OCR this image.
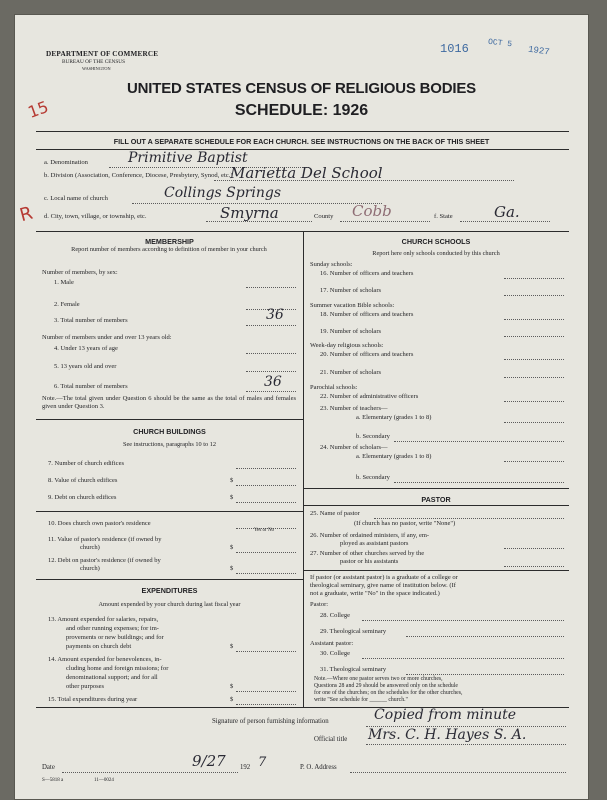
DEPARTMENT OF COMMERCE
BUREAU OF THE CENSUS
WASHINGTON
1016 OCT 5
1927
UNITED STATES CENSUS OF RELIGIOUS BODIES
SCHEDULE: 1926
15
FILL OUT A SEPARATE SCHEDULE FOR EACH CHURCH. SEE INSTRUCTIONS ON THE BACK OF THIS SHEET
R
a. Denomination	Primitive Baptist
b. Division (Association, Conference, Diocese, Presbytery, Synod, etc.)
Marietta Del School
c. Local name of church	Collings Springs
d. City, town, village, or township, etc.	Smyrna	County Cobb	f. State	Ga.
MEMBERSHIP
Report number of members according to definition of member in your church
Number of members, by sex:
1. Male
2. Female
3. Total number of members	36
Number of members under and over 13 years old:
4. Under 13 years of age
5. 13 years old and over
6. Total number of members	36
Note.—The total given under Question 6 should be the same as the total of males and females given under Question 3.
CHURCH BUILDINGS
See instructions, paragraphs 10 to 12
7. Number of church edifices
8. Value of church edifices	$
9. Debt on church edifices	$
10. Does church own pastor's residence
Yes or No
11. Value of pastor's residence (if owned by
church)	$
12. Debt on pastor's residence (if owned by
church)	$
EXPENDITURES
Amount expended by your church during last fiscal year
13. Amount expended for salaries, repairs,
and other running expenses; for im-
provements or new buildings; and for
payments on church debt	$
14. Amount expended for benevolences, in-
cluding home and foreign missions; for
denominational support; and for all
other purposes	$
15. Total expenditures during year	$
CHURCH SCHOOLS
Report here only schools conducted by this church
Sunday schools:
16. Number of officers and teachers
17. Number of scholars
Summer vacation Bible schools:
18. Number of officers and teachers
19. Number of scholars
Week-day religious schools:
20. Number of officers and teachers
21. Number of scholars
Parochial schools:
22. Number of administrative officers
23. Number of teachers—
a. Elementary (grades 1 to 8)
b. Secondary
24. Number of scholars—
a. Elementary (grades 1 to 8)
b. Secondary
PASTOR
25. Name of pastor
(If church has no pastor, write "None")
26. Number of ordained ministers, if any, em-
ployed as assistant pastors
27. Number of other churches served by the
pastor or his assistants
If pastor (or assistant pastor) is a graduate of a college or
theological seminary, give name of institution below. (If
not a graduate, write "No" in the space indicated.)
Pastor:
28. College
29. Theological seminary
Assistant pastor:
30. College
31. Theological seminary
Note.—Where one pastor serves two or more churches,
Questions 28 and 29 should be answered only on the schedule
for one of the churches; on the schedules for the other churches,
write "See schedule for ______ church."
Signature of person furnishing information	Copied from minute
Official title Mrs. C. H. Hayes S. A.
Date	9/27 192 7	P. O. Address
S—5818 a	11—0024
